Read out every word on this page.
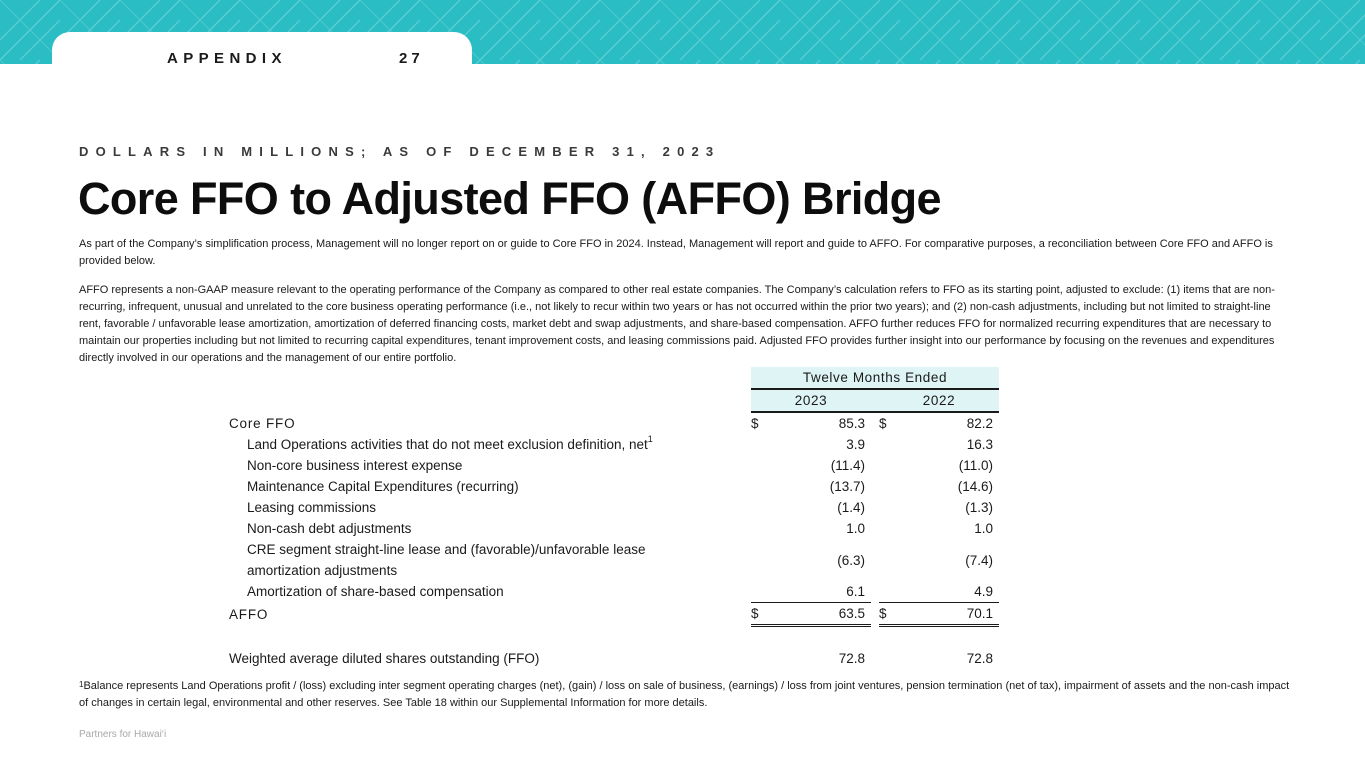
APPENDIX	27
DOLLARS IN MILLIONS; AS OF DECEMBER 31, 2023
Core FFO to Adjusted FFO (AFFO) Bridge

As part of the Company’s simplification process, Management will no longer report on or guide to Core FFO in 2024. Instead, Management will report and guide to AFFO. For comparative purposes, a reconciliation between Core FFO and AFFO is provided below.

AFFO represents a non-GAAP measure relevant to the operating performance of the Company as compared to other real estate companies. The Company’s calculation refers to FFO as its starting point, adjusted to exclude: (1) items that are non-recurring, infrequent, unusual and unrelated to the core business operating performance (i.e., not likely to recur within two years or has not occurred within the prior two years); and (2) non-cash adjustments, including but not limited to straight-line rent, favorable / unfavorable lease amortization, amortization of deferred financing costs, market debt and swap adjustments, and share-based compensation. AFFO further reduces FFO for normalized recurring expenditures that are necessary to maintain our properties including but not limited to recurring capital expenditures, tenant improvement costs, and leasing commissions paid. Adjusted FFO provides further insight into our performance by focusing on the revenues and expenditures directly involved in our operations and the management of our entire portfolio.

		Twelve Months Ended				
		2023			2022	
Core FFO		$	85.3		$	82.2
Land Operations activities that do not meet exclusion definition, net$^1$			3.9			16.3
Non-core business interest expense			(11.4)			(11.0)
Maintenance Capital Expenditures (recurring)			(13.7)			(14.6)
Leasing commissions			(1.4)			(1.3)
Non-cash debt adjustments			1.0			1.0
CRE segment straight-line lease and (favorable)/unfavorable lease
amortization adjustments			(6.3)			(7.4)
Amortization of share-based compensation			6.1			4.9
AFFO		$	63.5		$	70.1

Weighted average diluted shares outstanding (FFO)			72.8			72.8

$^1$Balance represents Land Operations profit / (loss) excluding inter segment operating charges (net), (gain) / loss on sale of business, (earnings) / loss from joint ventures, pension termination (net of tax), impairment of assets and the non-cash impact of changes in certain legal, environmental and other reserves. See Table 18 within our Supplemental Information for more details.

Partners for Hawai‘i
